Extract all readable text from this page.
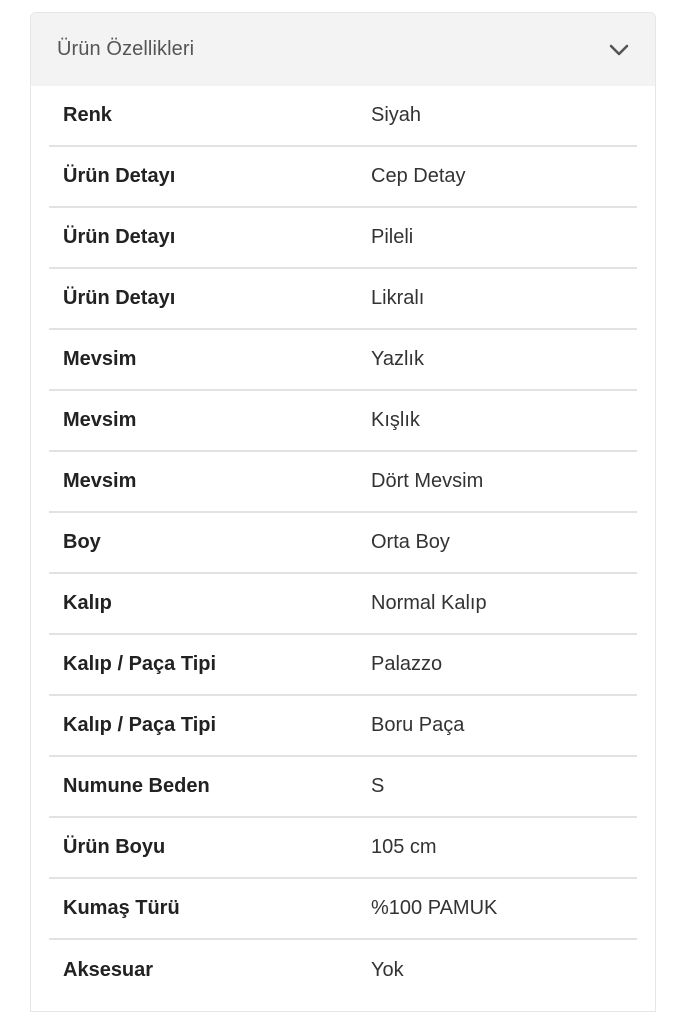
Ürün Özellikleri
Renk	Siyah
Ürün Detayı	Cep Detay
Ürün Detayı	Pileli
Ürün Detayı	Likralı
Mevsim	Yazlık
Mevsim	Kışlık
Mevsim	Dört Mevsim
Boy	Orta Boy
Kalıp	Normal Kalıp
Kalıp / Paça Tipi	Palazzo
Kalıp / Paça Tipi	Boru Paça
Numune Beden	S
Ürün Boyu	105 cm
Kumaş Türü	%100 PAMUK
Aksesuar	Yok
